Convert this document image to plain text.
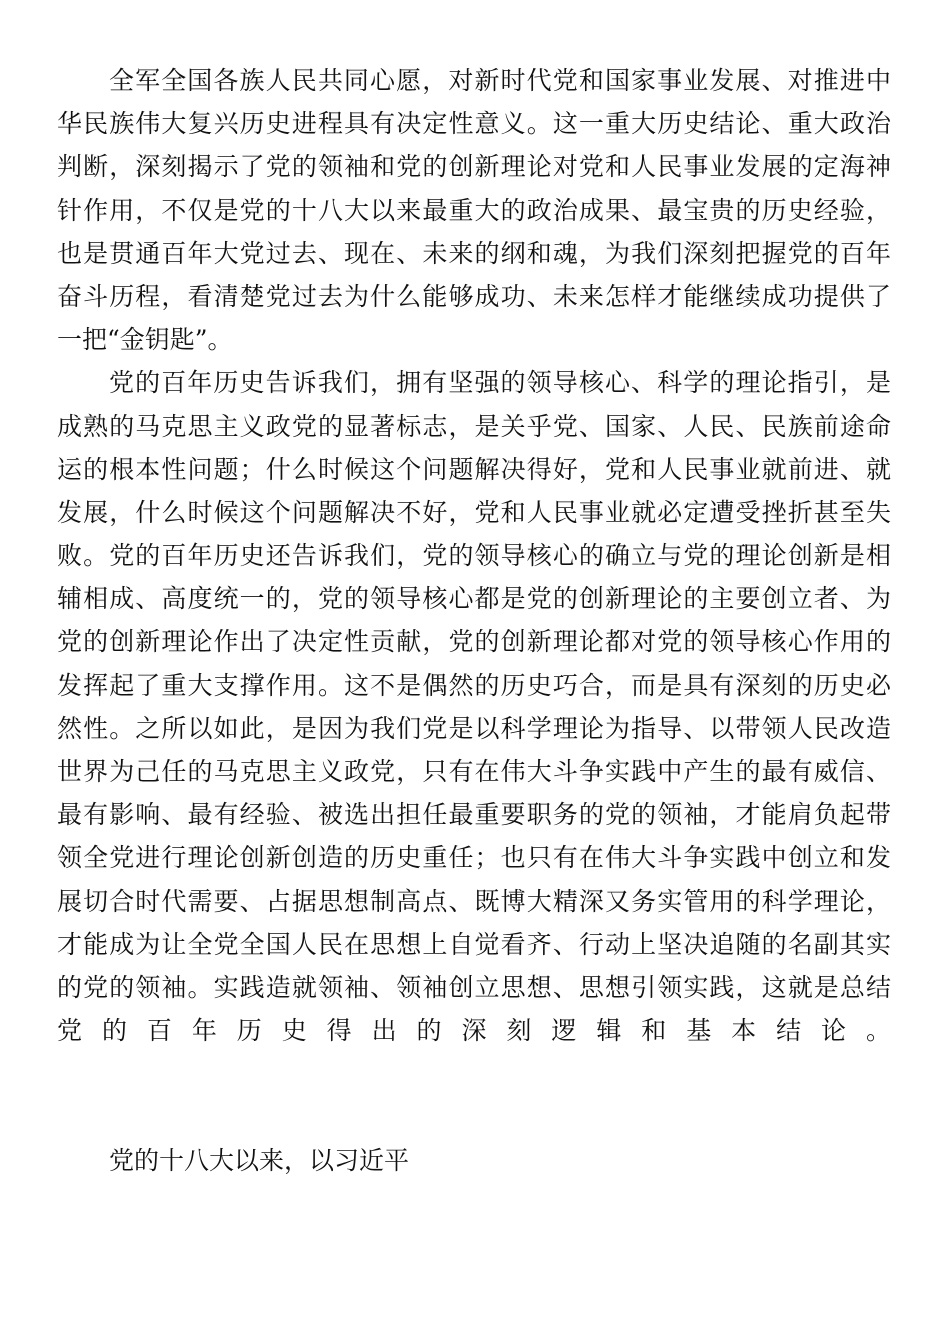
全军全国各族人民共同心愿，对新时代党和国家事业发展、对推进中
华民族伟大复兴历史进程具有决定性意义。这一重大历史结论、重大政治
判断，深刻揭示了党的领袖和党的创新理论对党和人民事业发展的定海神
针作用，不仅是党的十八大以来最重大的政治成果、最宝贵的历史经验，
也是贯通百年大党过去、现在、未来的纲和魂，为我们深刻把握党的百年
奋斗历程，看清楚党过去为什么能够成功、未来怎样才能继续成功提供了
一把“金钥匙”。
党的百年历史告诉我们，拥有坚强的领导核心、科学的理论指引，是
成熟的马克思主义政党的显著标志，是关乎党、国家、人民、民族前途命
运的根本性问题；什么时候这个问题解决得好，党和人民事业就前进、就
发展，什么时候这个问题解决不好，党和人民事业就必定遭受挫折甚至失
败。党的百年历史还告诉我们，党的领导核心的确立与党的理论创新是相
辅相成、高度统一的，党的领导核心都是党的创新理论的主要创立者、为
党的创新理论作出了决定性贡献，党的创新理论都对党的领导核心作用的
发挥起了重大支撑作用。这不是偶然的历史巧合，而是具有深刻的历史必
然性。之所以如此，是因为我们党是以科学理论为指导、以带领人民改造
世界为己任的马克思主义政党，只有在伟大斗争实践中产生的最有威信、
最有影响、最有经验、被选出担任最重要职务的党的领袖，才能肩负起带
领全党进行理论创新创造的历史重任；也只有在伟大斗争实践中创立和发
展切合时代需要、占据思想制高点、既博大精深又务实管用的科学理论，
才能成为让全党全国人民在思想上自觉看齐、行动上坚决追随的名副其实
的党的领袖。实践造就领袖、领袖创立思想、思想引领实践，这就是总结
党的百年历史得出的深刻逻辑和基本结论。
党的十八大以来，以习近平
